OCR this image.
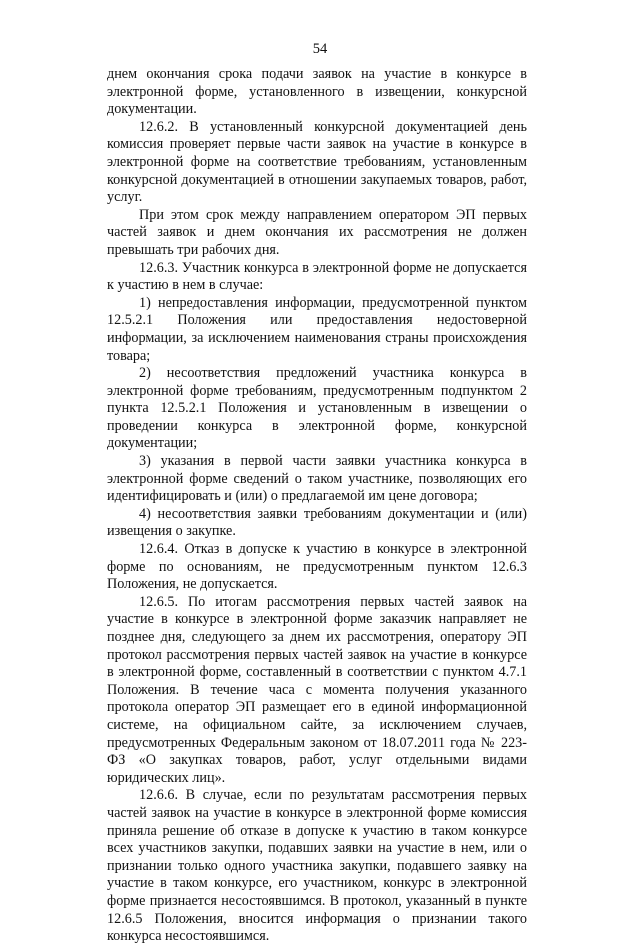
54

днем окончания срока подачи заявок на участие в конкурсе в электронной форме, установленного в извещении, конкурсной документации.

12.6.2. В установленный конкурсной документацией день комиссия проверяет первые части заявок на участие в конкурсе в электронной форме на соответствие требованиям, установленным конкурсной документацией в отношении закупаемых товаров, работ, услуг.

При этом срок между направлением оператором ЭП первых частей заявок и днем окончания их рассмотрения не должен превышать три рабочих дня.

12.6.3. Участник конкурса в электронной форме не допускается к участию в нем в случае:

1) непредоставления информации, предусмотренной пунктом 12.5.2.1 Положения или предоставления недостоверной информации, за исключением наименования страны происхождения товара;

2) несоответствия предложений участника конкурса в электронной форме требованиям, предусмотренным подпунктом 2 пункта 12.5.2.1 Положения и установленным в извещении о проведении конкурса в электронной форме, конкурсной документации;

3) указания в первой части заявки участника конкурса в электронной форме сведений о таком участнике, позволяющих его идентифицировать и (или) о предлагаемой им цене договора;

4) несоответствия заявки требованиям документации и (или) извещения о закупке.

12.6.4. Отказ в допуске к участию в конкурсе в электронной форме по основаниям, не предусмотренным пунктом 12.6.3 Положения, не допускается.

12.6.5. По итогам рассмотрения первых частей заявок на участие в конкурсе в электронной форме заказчик направляет не позднее дня, следующего за днем их рассмотрения, оператору ЭП протокол рассмотрения первых частей заявок на участие в конкурсе в электронной форме, составленный в соответствии с пунктом 4.7.1 Положения. В течение часа с момента получения указанного протокола оператор ЭП размещает его в единой информационной системе, на официальном сайте, за исключением случаев, предусмотренных Федеральным законом от 18.07.2011 года № 223-ФЗ «О закупках товаров, работ, услуг отдельными видами юридических лиц».

12.6.6. В случае, если по результатам рассмотрения первых частей заявок на участие в конкурсе в электронной форме комиссия приняла решение об отказе в допуске к участию в таком конкурсе всех участников закупки, подавших заявки на участие в нем, или о признании только одного участника закупки, подавшего заявку на участие в таком конкурсе, его участником, конкурс в электронной форме признается несостоявшимся. В протокол, указанный в пункте 12.6.5 Положения, вносится информация о признании такого конкурса несостоявшимся.
